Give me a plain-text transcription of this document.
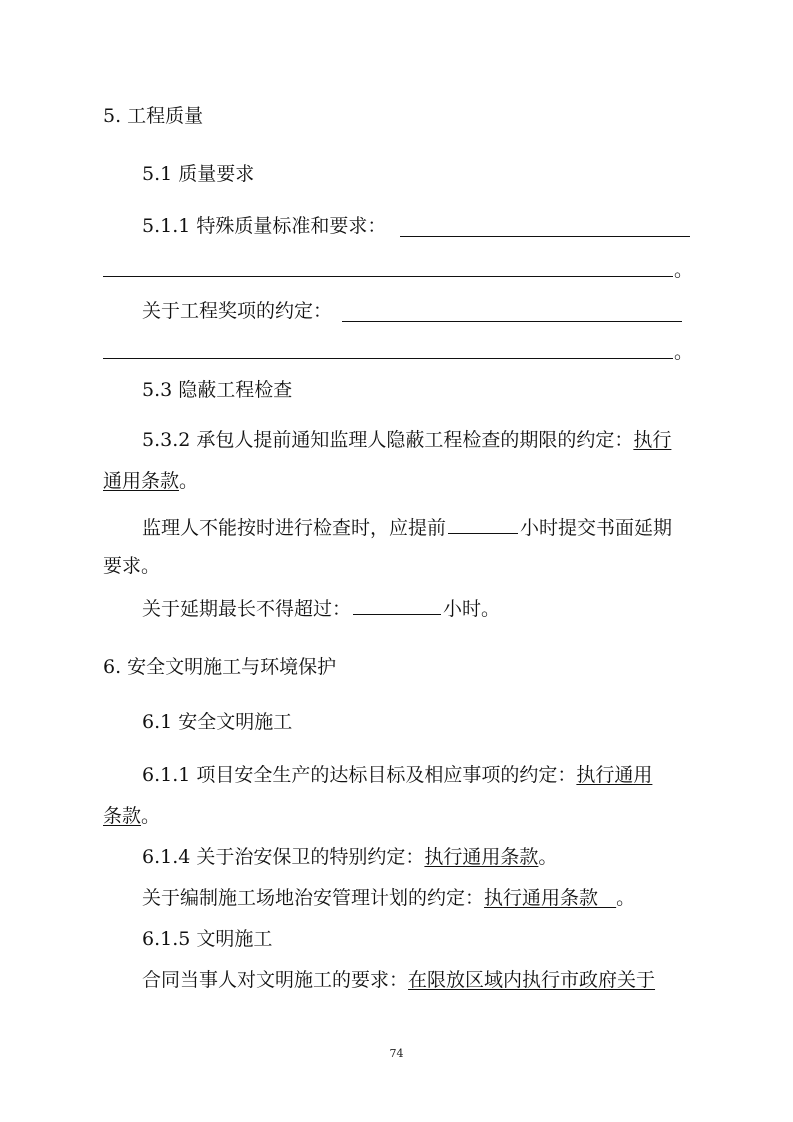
5. 工程质量
5.1 质量要求
5.1.1 特殊质量标准和要求：
。
关于工程奖项的约定：
。
5.3 隐蔽工程检查
5.3.2 承包人提前通知监理人隐蔽工程检查的期限的约定：执行
通用条款。
监理人不能按时进行检查时，应提前	小时提交书面延期
要求。
关于延期最长不得超过：	小时。
6. 安全文明施工与环境保护
6.1 安全文明施工
6.1.1 项目安全生产的达标目标及相应事项的约定：执行通用
条款。
6.1.4 关于治安保卫的特别约定：执行通用条款。
关于编制施工场地治安管理计划的约定：执行通用条款   。
6.1.5 文明施工
合同当事人对文明施工的要求：在限放区域内执行市政府关于
74
